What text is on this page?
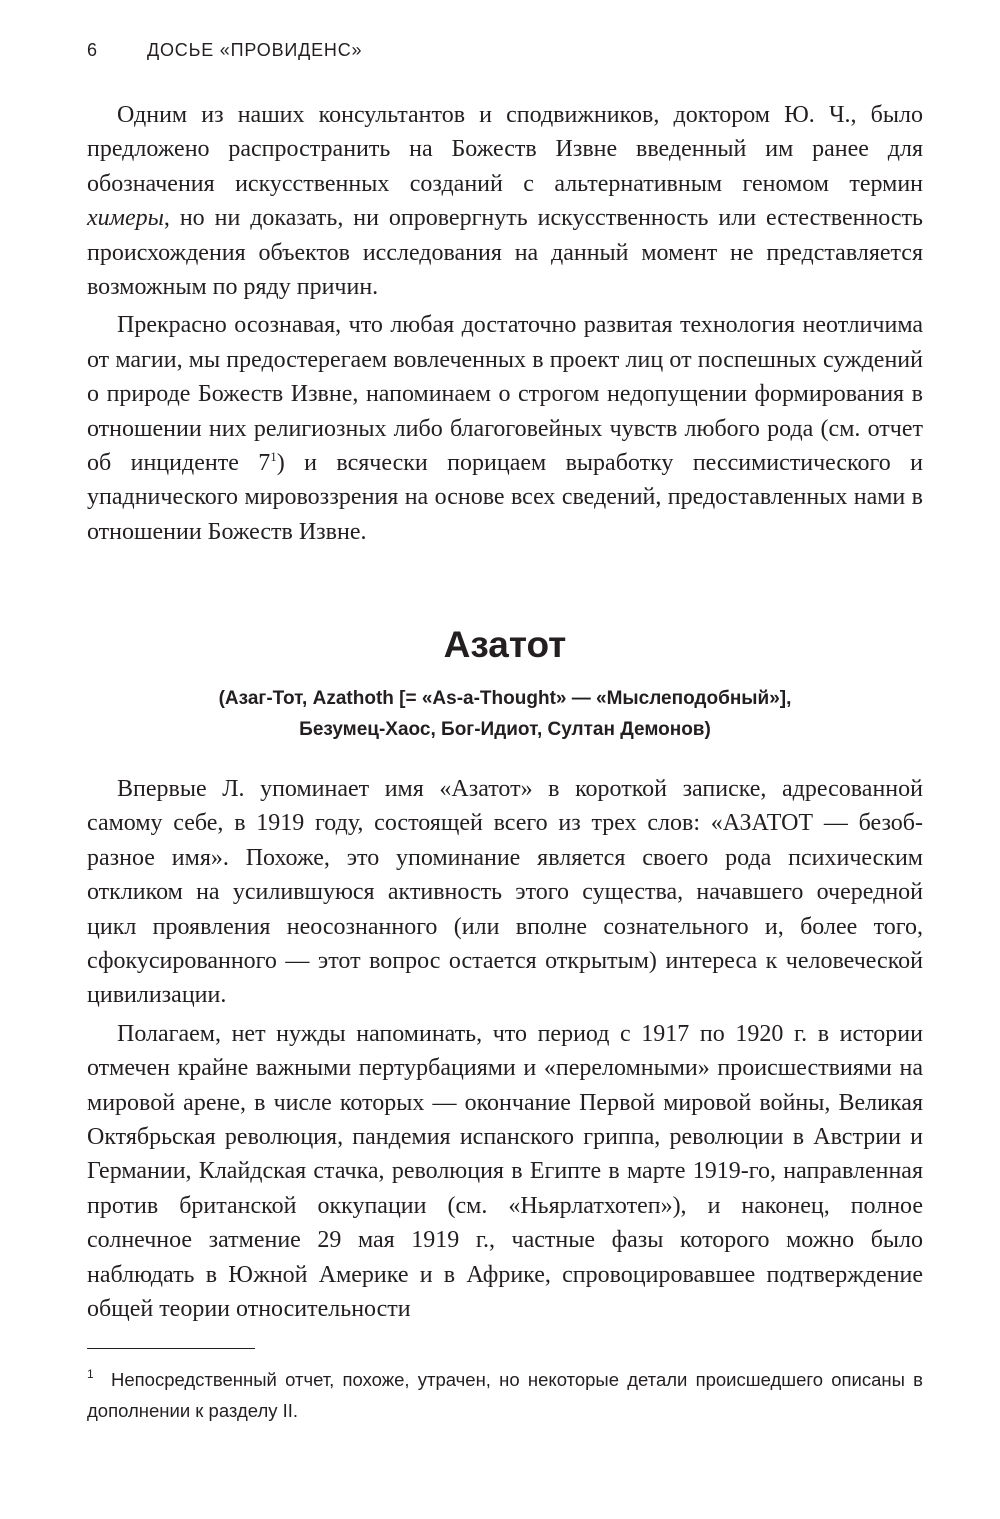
6	ДОСЬЕ «ПРОВИДЕНС»

Одним из наших консультантов и сподвижников, доктором Ю. Ч., было предложено распространить на Божеств Извне введенный им ранее для обозначения искусственных созданий с альтернативным геномом термин химеры, но ни доказать, ни опровергнуть искусственность или естественность происхождения объектов исследования на данный момент не представляется возможным по ряду причин.

Прекрасно осознавая, что любая достаточно развитая технология неотличима от магии, мы предостерегаем вовлеченных в проект лиц от поспешных суждений о природе Божеств Извне, напоминаем о строгом недопущении формирования в отношении них религиозных либо благоговейных чувств любого рода (см. отчет об инциденте $7^1$) и всячески порицаем выработку пессимистического и упаднического мировоззрения на основе всех сведений, предоставленных нами в отношении Божеств Извне.

Азатот
(Азаг-Тот, Azathoth [= «As-a-Thought» — «Мыслеподобный»],
Безумец-Хаос, Бог-Идиот, Султан Демонов)

Впервые Л. упоминает имя «Азатот» в короткой записке, адресованной самому себе, в 1919 году, состоящей всего из трех слов: «АЗАТОТ — безобразное имя». Похоже, это упоминание является своего рода психическим откликом на усилившуюся активность этого существа, начавшего очередной цикл проявления неосознанного (или вполне сознательного и, более того, сфокусированного — этот вопрос остается открытым) интереса к человеческой цивилизации.

Полагаем, нет нужды напоминать, что период с 1917 по 1920 г. в истории отмечен крайне важными пертурбациями и «переломными» происшествиями на мировой арене, в числе которых — окончание Первой мировой войны, Великая Октябрьская революция, пандемия испанского гриппа, революции в Австрии и Германии, Клайдская стачка, революция в Египте в марте 1919-го, направленная против британской оккупации (см. «Ньярлатхотеп»), и наконец, полное солнечное затмение 29 мая 1919 г., частные фазы которого можно было наблюдать в Южной Америке и в Африке, спровоцировавшее подтверждение общей теории относительности

1 Непосредственный отчет, похоже, утрачен, но некоторые детали происшедшего описаны в дополнении к разделу II.
